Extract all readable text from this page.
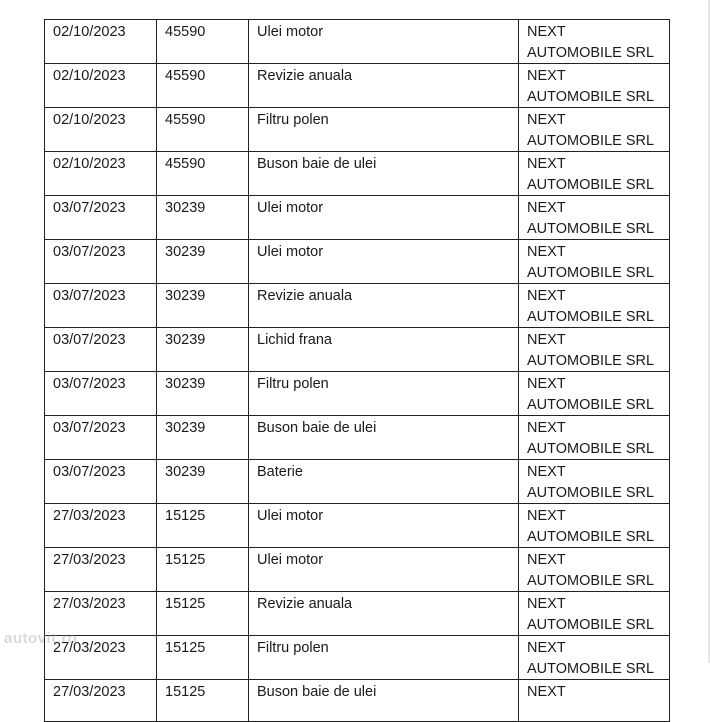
02/10/2023	45590	Ulei motor	NEXT
AUTOMOBILE SRL

02/10/2023	45590	Revizie anuala	NEXT
AUTOMOBILE SRL

02/10/2023	45590	Filtru polen	NEXT
AUTOMOBILE SRL

02/10/2023	45590	Buson baie de ulei	NEXT
AUTOMOBILE SRL

03/07/2023	30239	Ulei motor	NEXT
AUTOMOBILE SRL

03/07/2023	30239	Ulei motor	NEXT
AUTOMOBILE SRL

03/07/2023	30239	Revizie anuala	NEXT
AUTOMOBILE SRL

03/07/2023	30239	Lichid frana	NEXT
AUTOMOBILE SRL

03/07/2023	30239	Filtru polen	NEXT
AUTOMOBILE SRL

03/07/2023	30239	Buson baie de ulei	NEXT
AUTOMOBILE SRL

03/07/2023	30239	Baterie	NEXT
AUTOMOBILE SRL

27/03/2023	15125	Ulei motor	NEXT
AUTOMOBILE SRL

27/03/2023	15125	Ulei motor	NEXT
AUTOMOBILE SRL

27/03/2023	15125	Revizie anuala	NEXT
AUTOMOBILE SRL

27/03/2023	15125	Filtru polen	NEXT
AUTOMOBILE SRL

27/03/2023	15125	Buson baie de ulei	NEXT
autovit.ro
